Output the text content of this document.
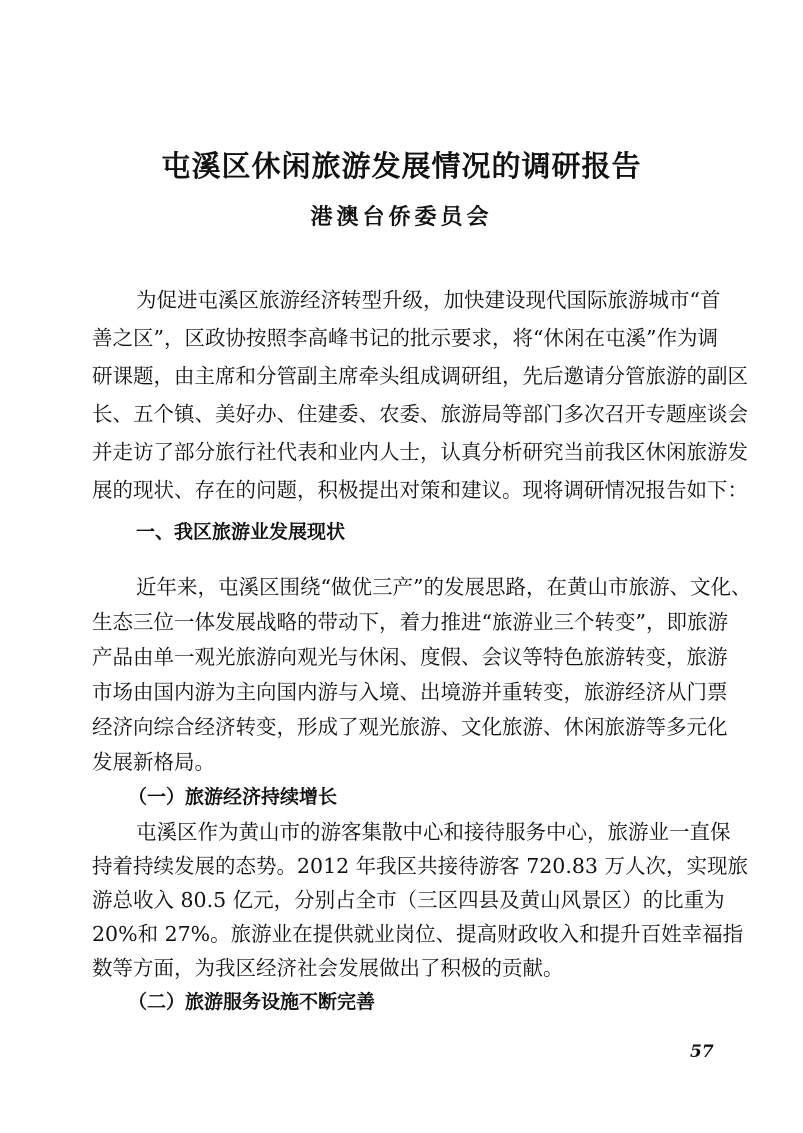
屯溪区休闲旅游发展情况的调研报告
港澳台侨委员会
为促进屯溪区旅游经济转型升级，加快建设现代国际旅游城市“首
善之区”，区政协按照李高峰书记的批示要求，将“休闲在屯溪”作为调
研课题，由主席和分管副主席牵头组成调研组，先后邀请分管旅游的副区
长、五个镇、美好办、住建委、农委、旅游局等部门多次召开专题座谈会
并走访了部分旅行社代表和业内人士，认真分析研究当前我区休闲旅游发
展的现状、存在的问题，积极提出对策和建议。现将调研情况报告如下：
一、我区旅游业发展现状
近年来，屯溪区围绕“做优三产”的发展思路，在黄山市旅游、文化、
生态三位一体发展战略的带动下，着力推进“旅游业三个转变”，即旅游
产品由单一观光旅游向观光与休闲、度假、会议等特色旅游转变，旅游
市场由国内游为主向国内游与入境、出境游并重转变，旅游经济从门票
经济向综合经济转变，形成了观光旅游、文化旅游、休闲旅游等多元化
发展新格局。
（一）旅游经济持续增长
屯溪区作为黄山市的游客集散中心和接待服务中心，旅游业一直保
持着持续发展的态势。2012 年我区共接待游客 720.83 万人次，实现旅
游总收入 80.5 亿元，分别占全市（三区四县及黄山风景区）的比重为
20%和 27%。旅游业在提供就业岗位、提高财政收入和提升百姓幸福指
数等方面，为我区经济社会发展做出了积极的贡献。
（二）旅游服务设施不断完善
57
